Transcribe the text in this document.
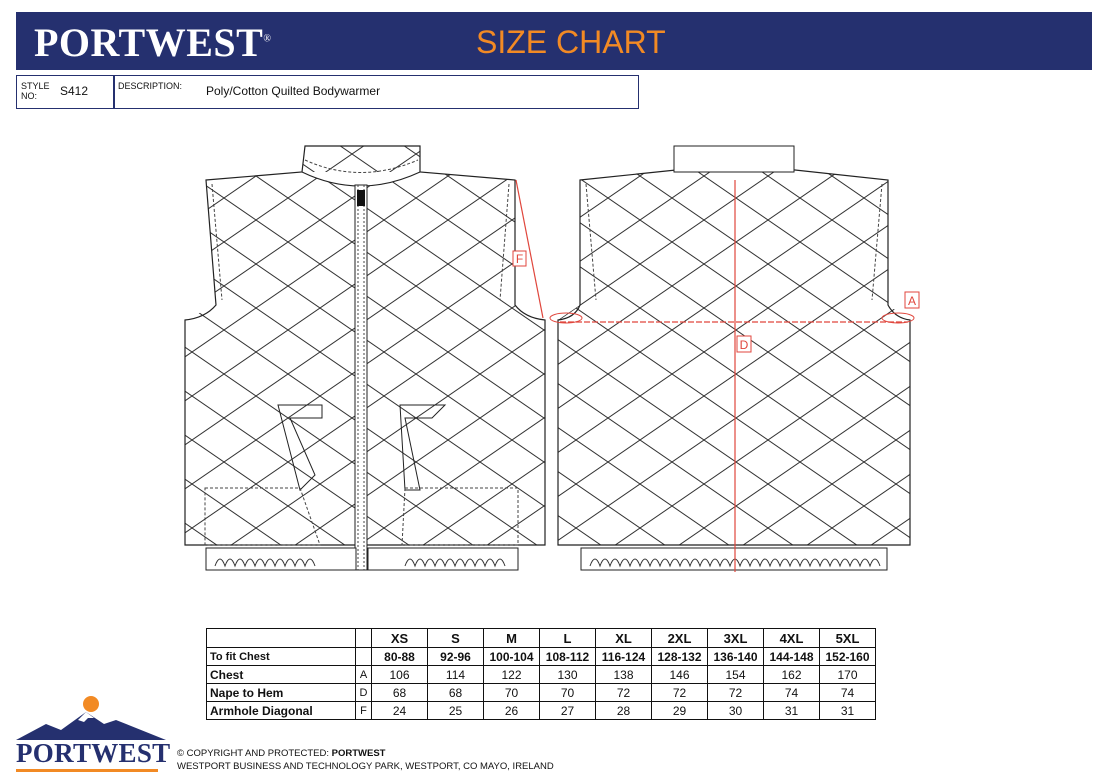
PORTWEST®	SIZE CHART
STYLE
NO:	S412	DESCRIPTION: Poly/Cotton Quilted Bodywarmer
F
D
A
		XS	S	M	L	XL	2XL	3XL	4XL	5XL
To fit Chest		80-88	92-96	100-104	108-112	116-124	128-132	136-140	144-148	152-160
Chest	A	106	114	122	130	138	146	154	162	170
Nape to Hem	D	68	68	70	70	72	72	72	74	74
Armhole Diagonal	F	24	25	26	27	28	29	30	31	31
PORTWEST © COPYRIGHT AND PROTECTED: PORTWEST
WESTPORT BUSINESS AND TECHNOLOGY PARK, WESTPORT, CO MAYO, IRELAND
